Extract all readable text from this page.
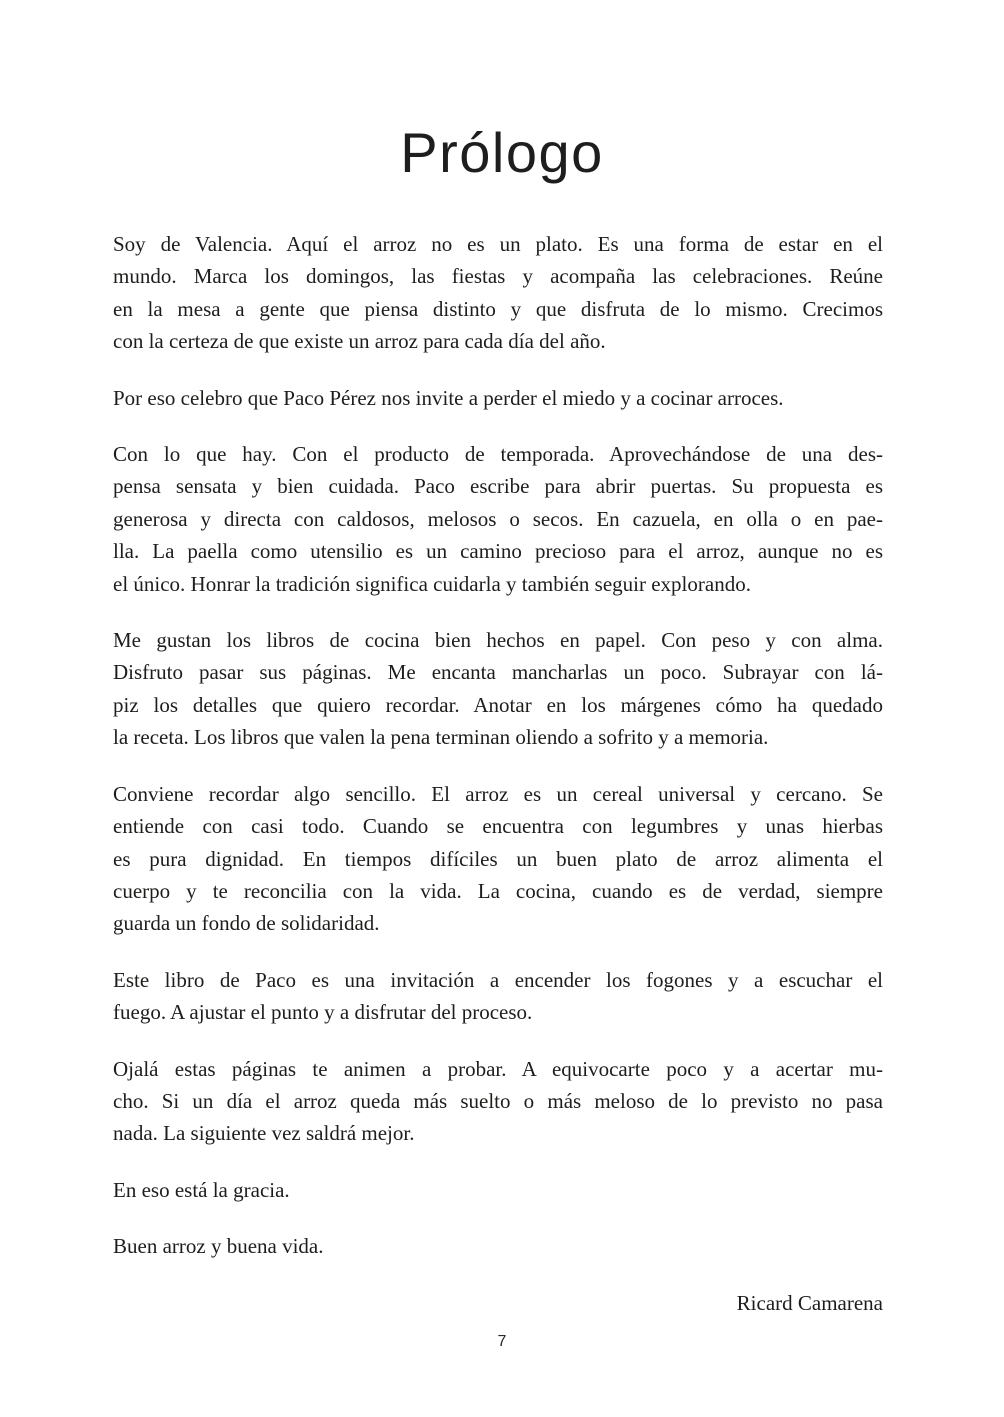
Prólogo
Soy de Valencia. Aquí el arroz no es un plato. Es una forma de estar en el
mundo. Marca los domingos, las fiestas y acompaña las celebraciones. Reúne
en la mesa a gente que piensa distinto y que disfruta de lo mismo. Crecimos
con la certeza de que existe un arroz para cada día del año.
Por eso celebro que Paco Pérez nos invite a perder el miedo y a cocinar arroces.
Con lo que hay. Con el producto de temporada. Aprovechándose de una des-
pensa sensata y bien cuidada. Paco escribe para abrir puertas. Su propuesta es
generosa y directa con caldosos, melosos o secos. En cazuela, en olla o en pae-
lla. La paella como utensilio es un camino precioso para el arroz, aunque no es
el único. Honrar la tradición significa cuidarla y también seguir explorando.
Me gustan los libros de cocina bien hechos en papel. Con peso y con alma.
Disfruto pasar sus páginas. Me encanta mancharlas un poco. Subrayar con lá-
piz los detalles que quiero recordar. Anotar en los márgenes cómo ha quedado
la receta. Los libros que valen la pena terminan oliendo a sofrito y a memoria.
Conviene recordar algo sencillo. El arroz es un cereal universal y cercano. Se
entiende con casi todo. Cuando se encuentra con legumbres y unas hierbas
es pura dignidad. En tiempos difíciles un buen plato de arroz alimenta el
cuerpo y te reconcilia con la vida. La cocina, cuando es de verdad, siempre
guarda un fondo de solidaridad.
Este libro de Paco es una invitación a encender los fogones y a escuchar el
fuego. A ajustar el punto y a disfrutar del proceso.
Ojalá estas páginas te animen a probar. A equivocarte poco y a acertar mu-
cho. Si un día el arroz queda más suelto o más meloso de lo previsto no pasa
nada. La siguiente vez saldrá mejor.
En eso está la gracia.
Buen arroz y buena vida.
Ricard Camarena
7
